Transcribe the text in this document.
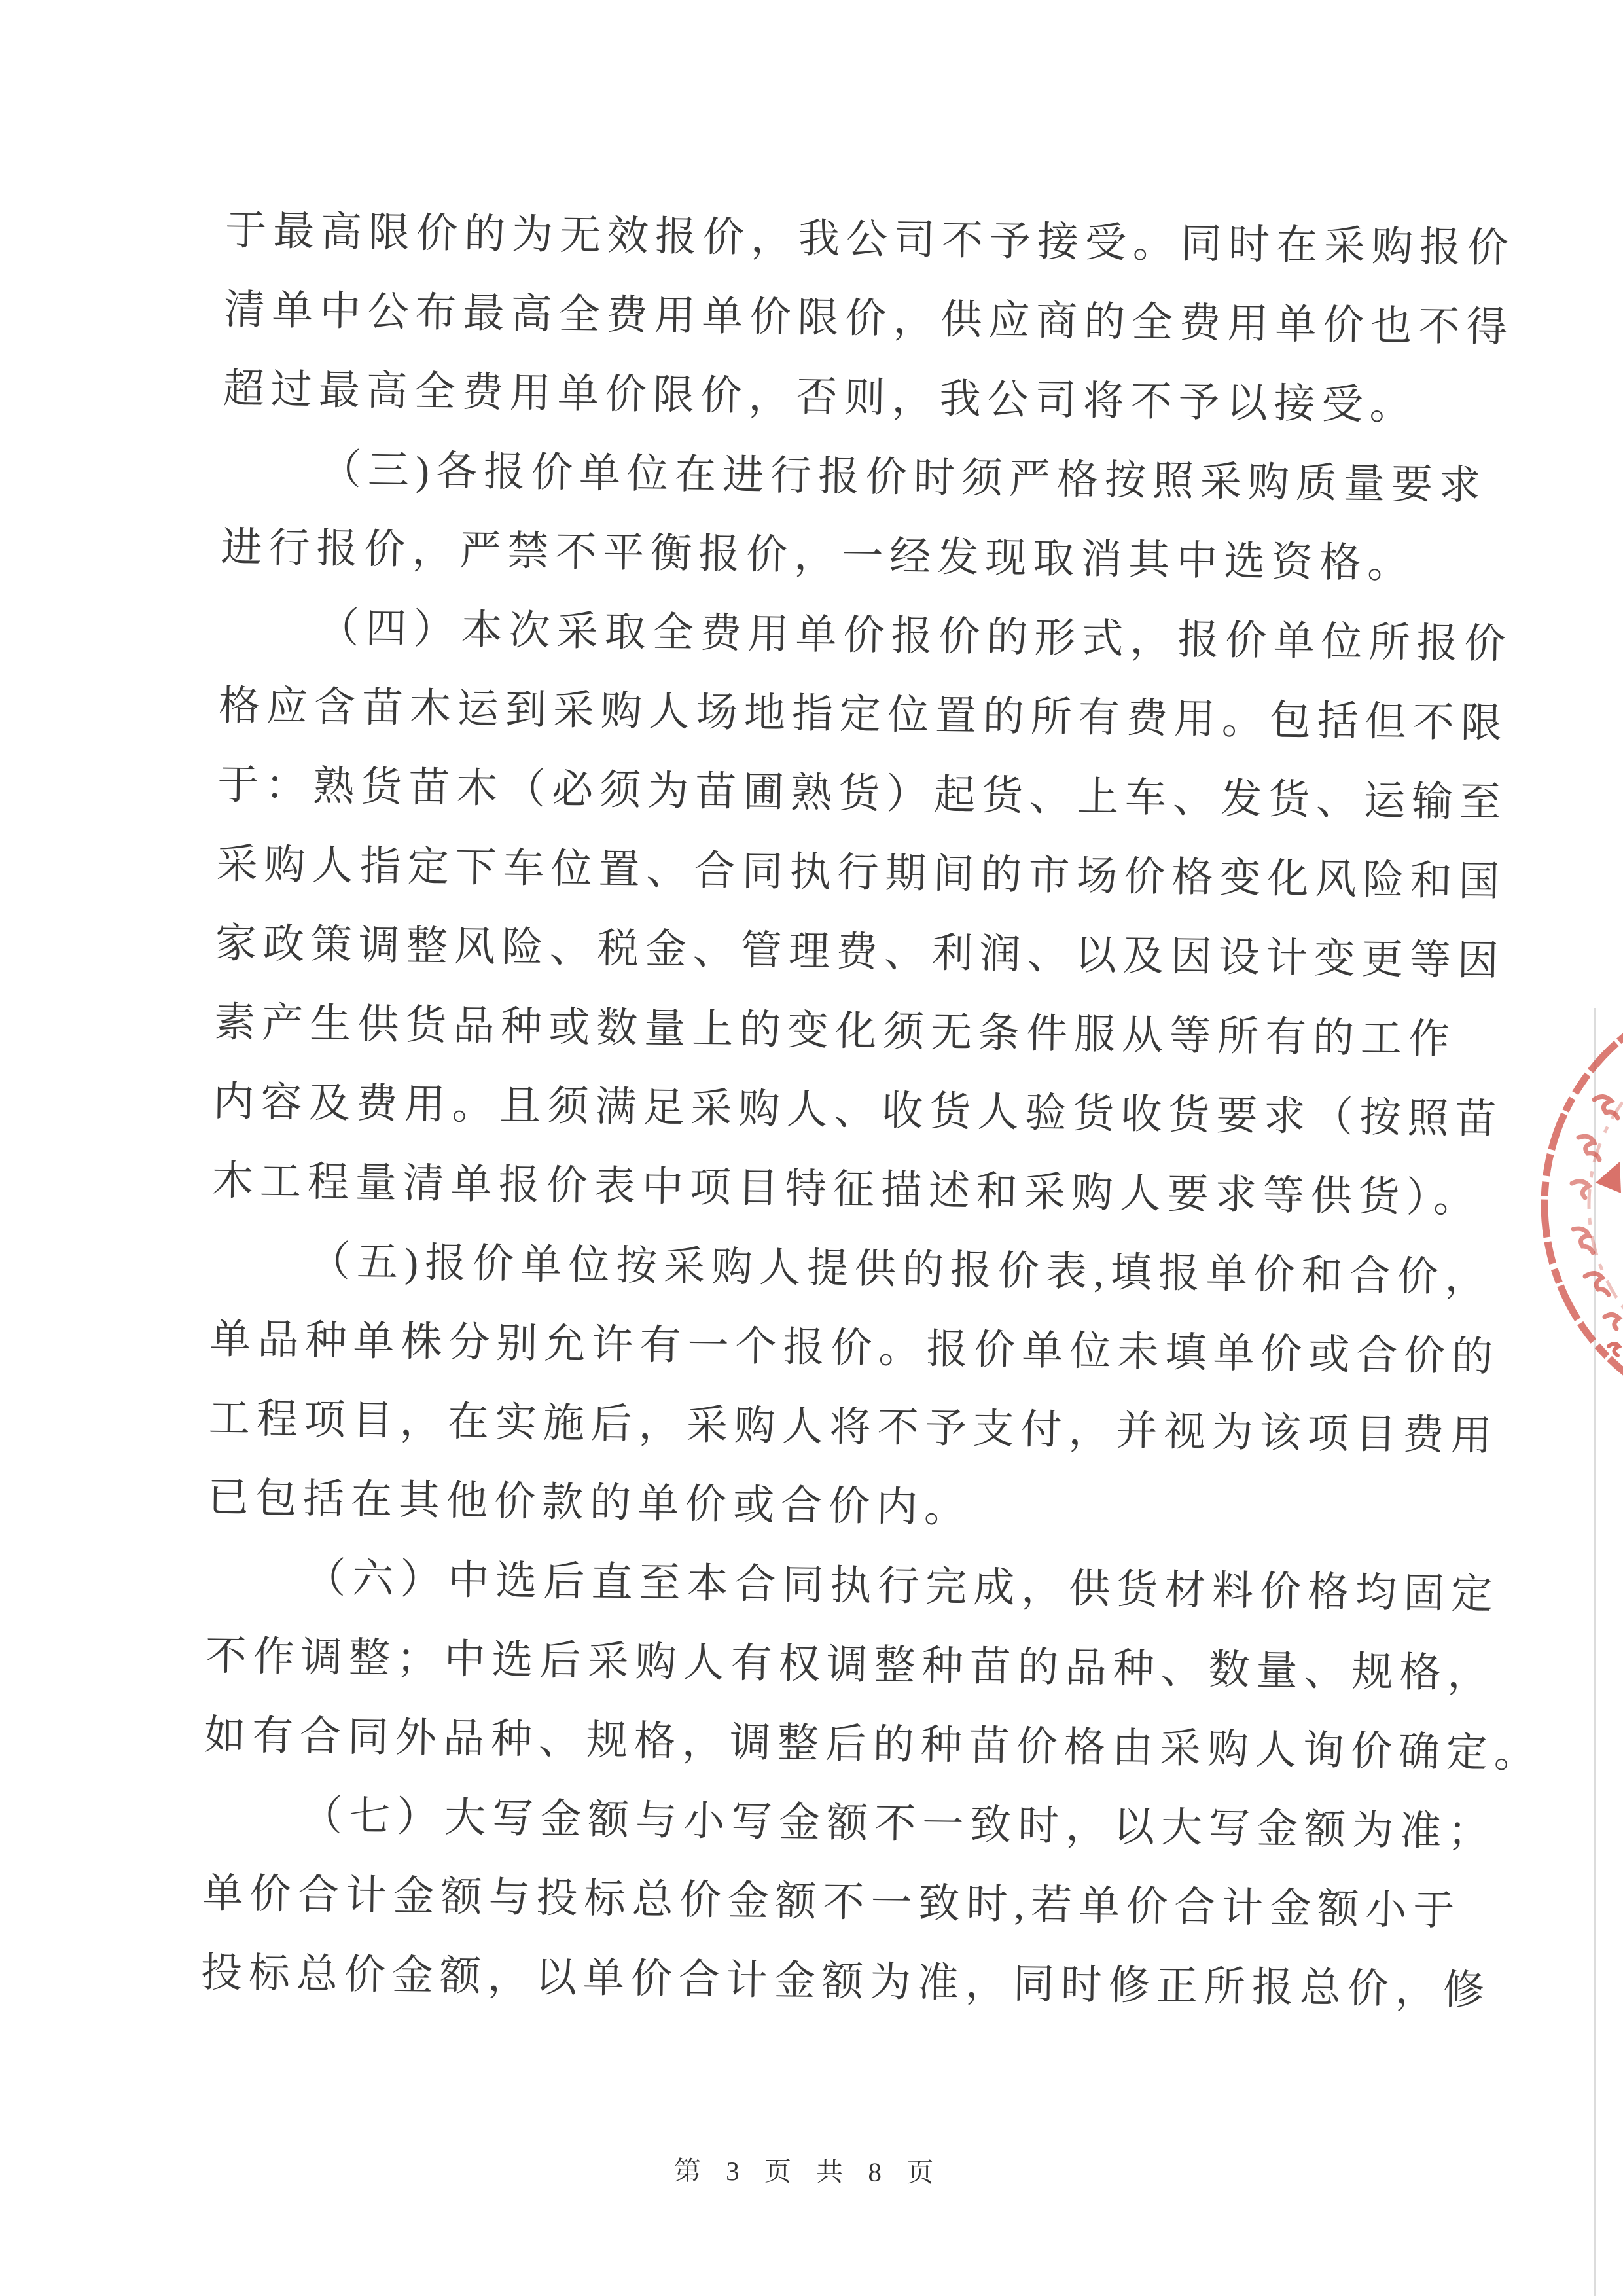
于最高限价的为无效报价，我公司不予接受。同时在采购报价
清单中公布最高全费用单价限价，供应商的全费用单价也不得
超过最高全费用单价限价，否则，我公司将不予以接受。
（三)各报价单位在进行报价时须严格按照采购质量要求
进行报价，严禁不平衡报价，一经发现取消其中选资格。
（四）本次采取全费用单价报价的形式，报价单位所报价
格应含苗木运到采购人场地指定位置的所有费用。包括但不限
于：熟货苗木（必须为苗圃熟货）起货、上车、发货、运输至
采购人指定下车位置、合同执行期间的市场价格变化风险和国
家政策调整风险、税金、管理费、利润、以及因设计变更等因
素产生供货品种或数量上的变化须无条件服从等所有的工作
内容及费用。且须满足采购人、收货人验货收货要求（按照苗
木工程量清单报价表中项目特征描述和采购人要求等供货）。
（五)报价单位按采购人提供的报价表,填报单价和合价，
单品种单株分别允许有一个报价。报价单位未填单价或合价的
工程项目，在实施后，采购人将不予支付，并视为该项目费用
已包括在其他价款的单价或合价内。
（六）中选后直至本合同执行完成，供货材料价格均固定
不作调整；中选后采购人有权调整种苗的品种、数量、规格，
如有合同外品种、规格，调整后的种苗价格由采购人询价确定。
（七）大写金额与小写金额不一致时，以大写金额为准；
单价合计金额与投标总价金额不一致时,若单价合计金额小于
投标总价金额，以单价合计金额为准，同时修正所报总价，修
第 3 页 共 8 页
